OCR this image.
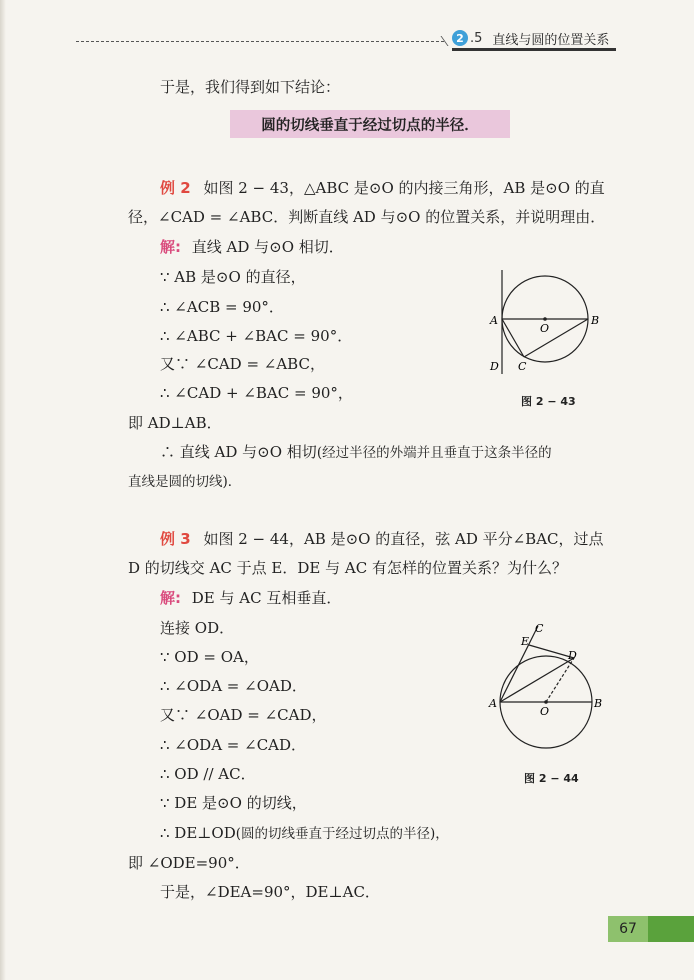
2 .5 直线与圆的位置关系
于是，我们得到如下结论：
圆的切线垂直于经过切点的半径．
例 2 如图 2 − 43，△ABC 是⊙O 的内接三角形，AB 是⊙O 的直
径，∠CAD = ∠ABC．判断直线 AD 与⊙O 的位置关系，并说明理由．
解: 直线 AD 与⊙O 相切．
∵ AB 是⊙O 的直径，
∴ ∠ACB = 90°．
∴ ∠ABC + ∠BAC = 90°．
又∵ ∠CAD = ∠ABC，
∴ ∠CAD + ∠BAC = 90°，
即 AD⊥AB．
∴ 直线 AD 与⊙O 相切(经过半径的外端并且垂直于这条半径的
直线是圆的切线)．
A	B
C
D
O
图 2 − 43
例 3 如图 2 − 44，AB 是⊙O 的直径，弦 AD 平分∠BAC，过点
D 的切线交 AC 于点 E．DE 与 AC 有怎样的位置关系？为什么？
解: DE 与 AC 互相垂直．
连接 OD．
∵ OD = OA，
∴ ∠ODA = ∠OAD．
又∵ ∠OAD = ∠CAD，
∴ ∠ODA = ∠CAD．
∴ OD // AC．
∵ DE 是⊙O 的切线，
∴ DE⊥OD(圆的切线垂直于经过切点的半径)，
即 ∠ODE=90°．
于是，∠DEA=90°，DE⊥AC．
A	B
C
D
E
O
图 2 − 44
67
